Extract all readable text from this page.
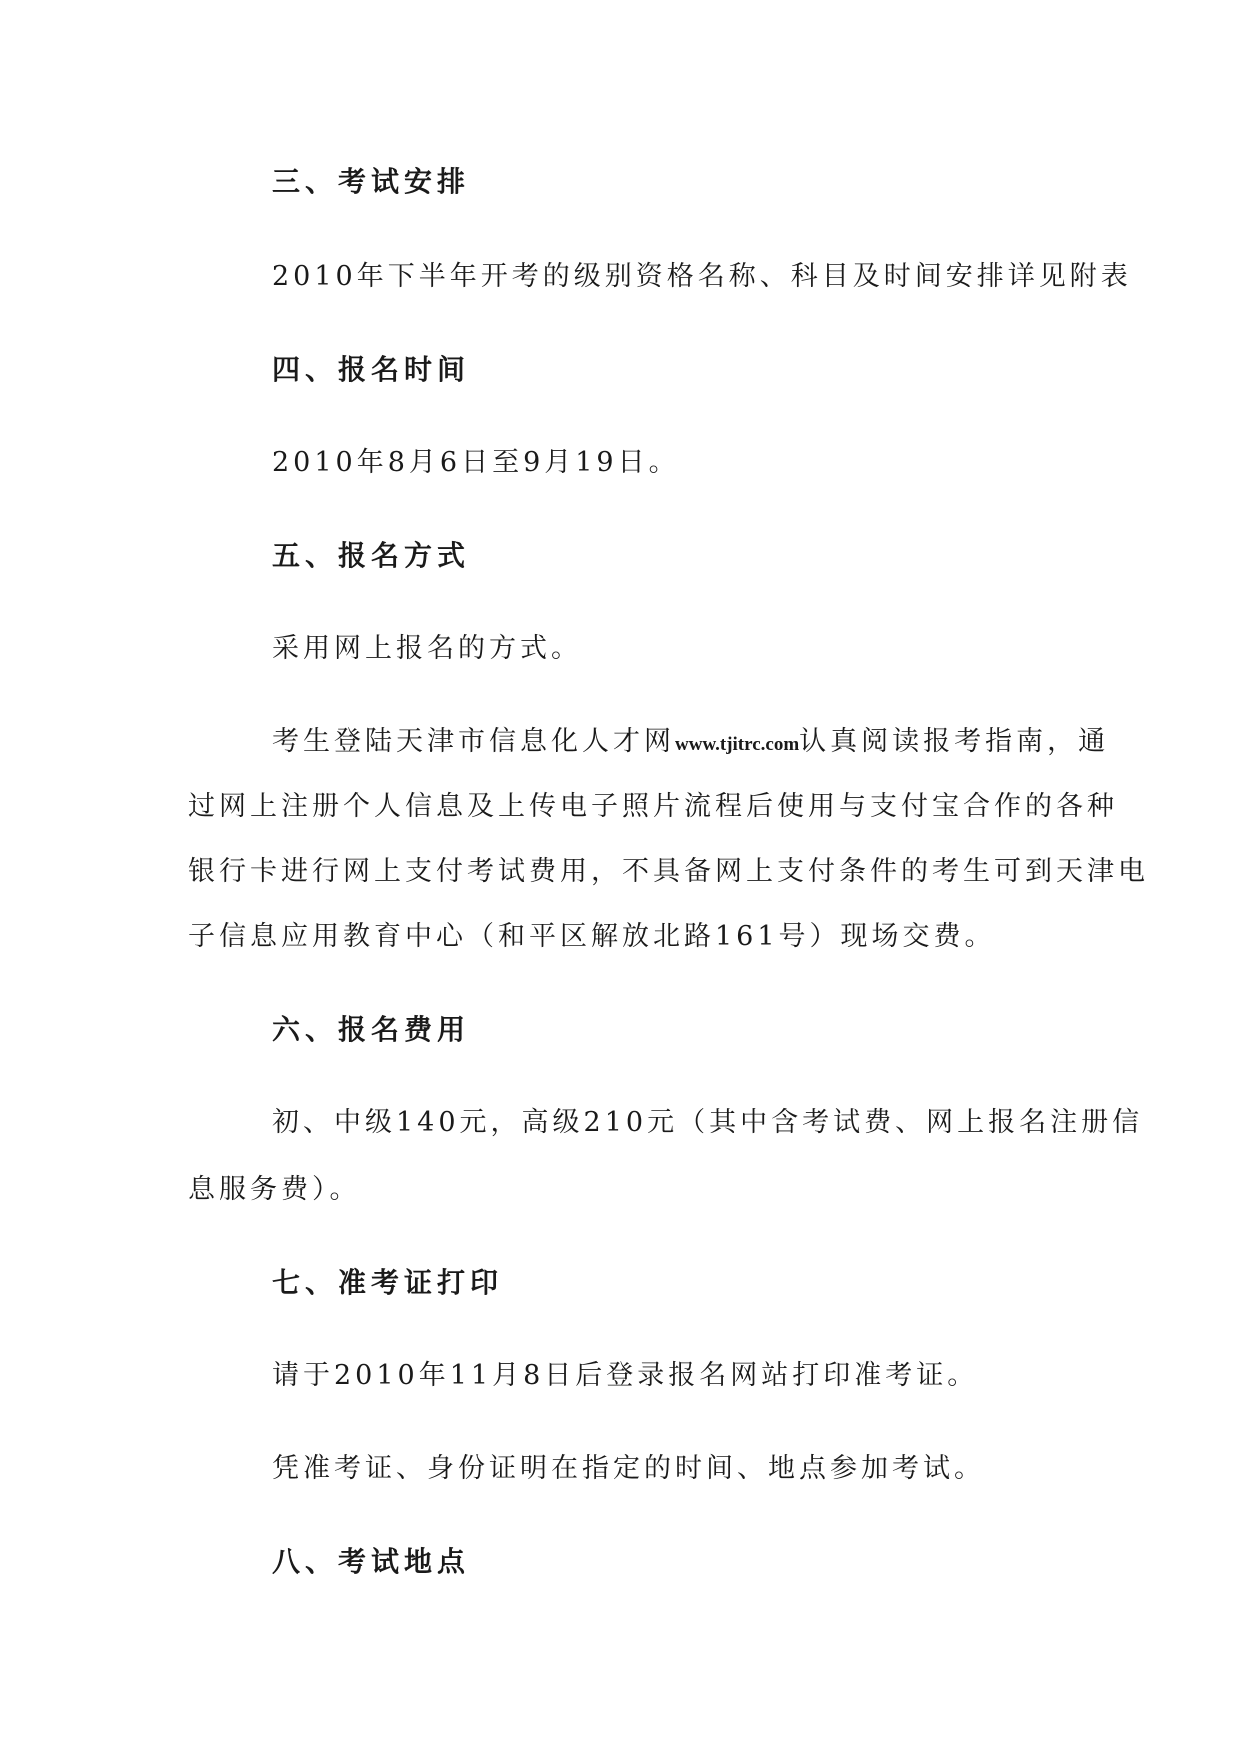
三、考试安排
2010年下半年开考的级别资格名称、科目及时间安排详见附表
四、报名时间
2010年8月6日至9月19日。
五、报名方式
采用网上报名的方式。
考生登陆天津市信息化人才网www.tjitrc.com认真阅读报考指南，通
过网上注册个人信息及上传电子照片流程后使用与支付宝合作的各种
银行卡进行网上支付考试费用，不具备网上支付条件的考生可到天津电
子信息应用教育中心（和平区解放北路161号）现场交费。
六、报名费用
初、中级140元，高级210元（其中含考试费、网上报名注册信
息服务费）。
七、准考证打印
请于2010年11月8日后登录报名网站打印准考证。
凭准考证、身份证明在指定的时间、地点参加考试。
八、考试地点
